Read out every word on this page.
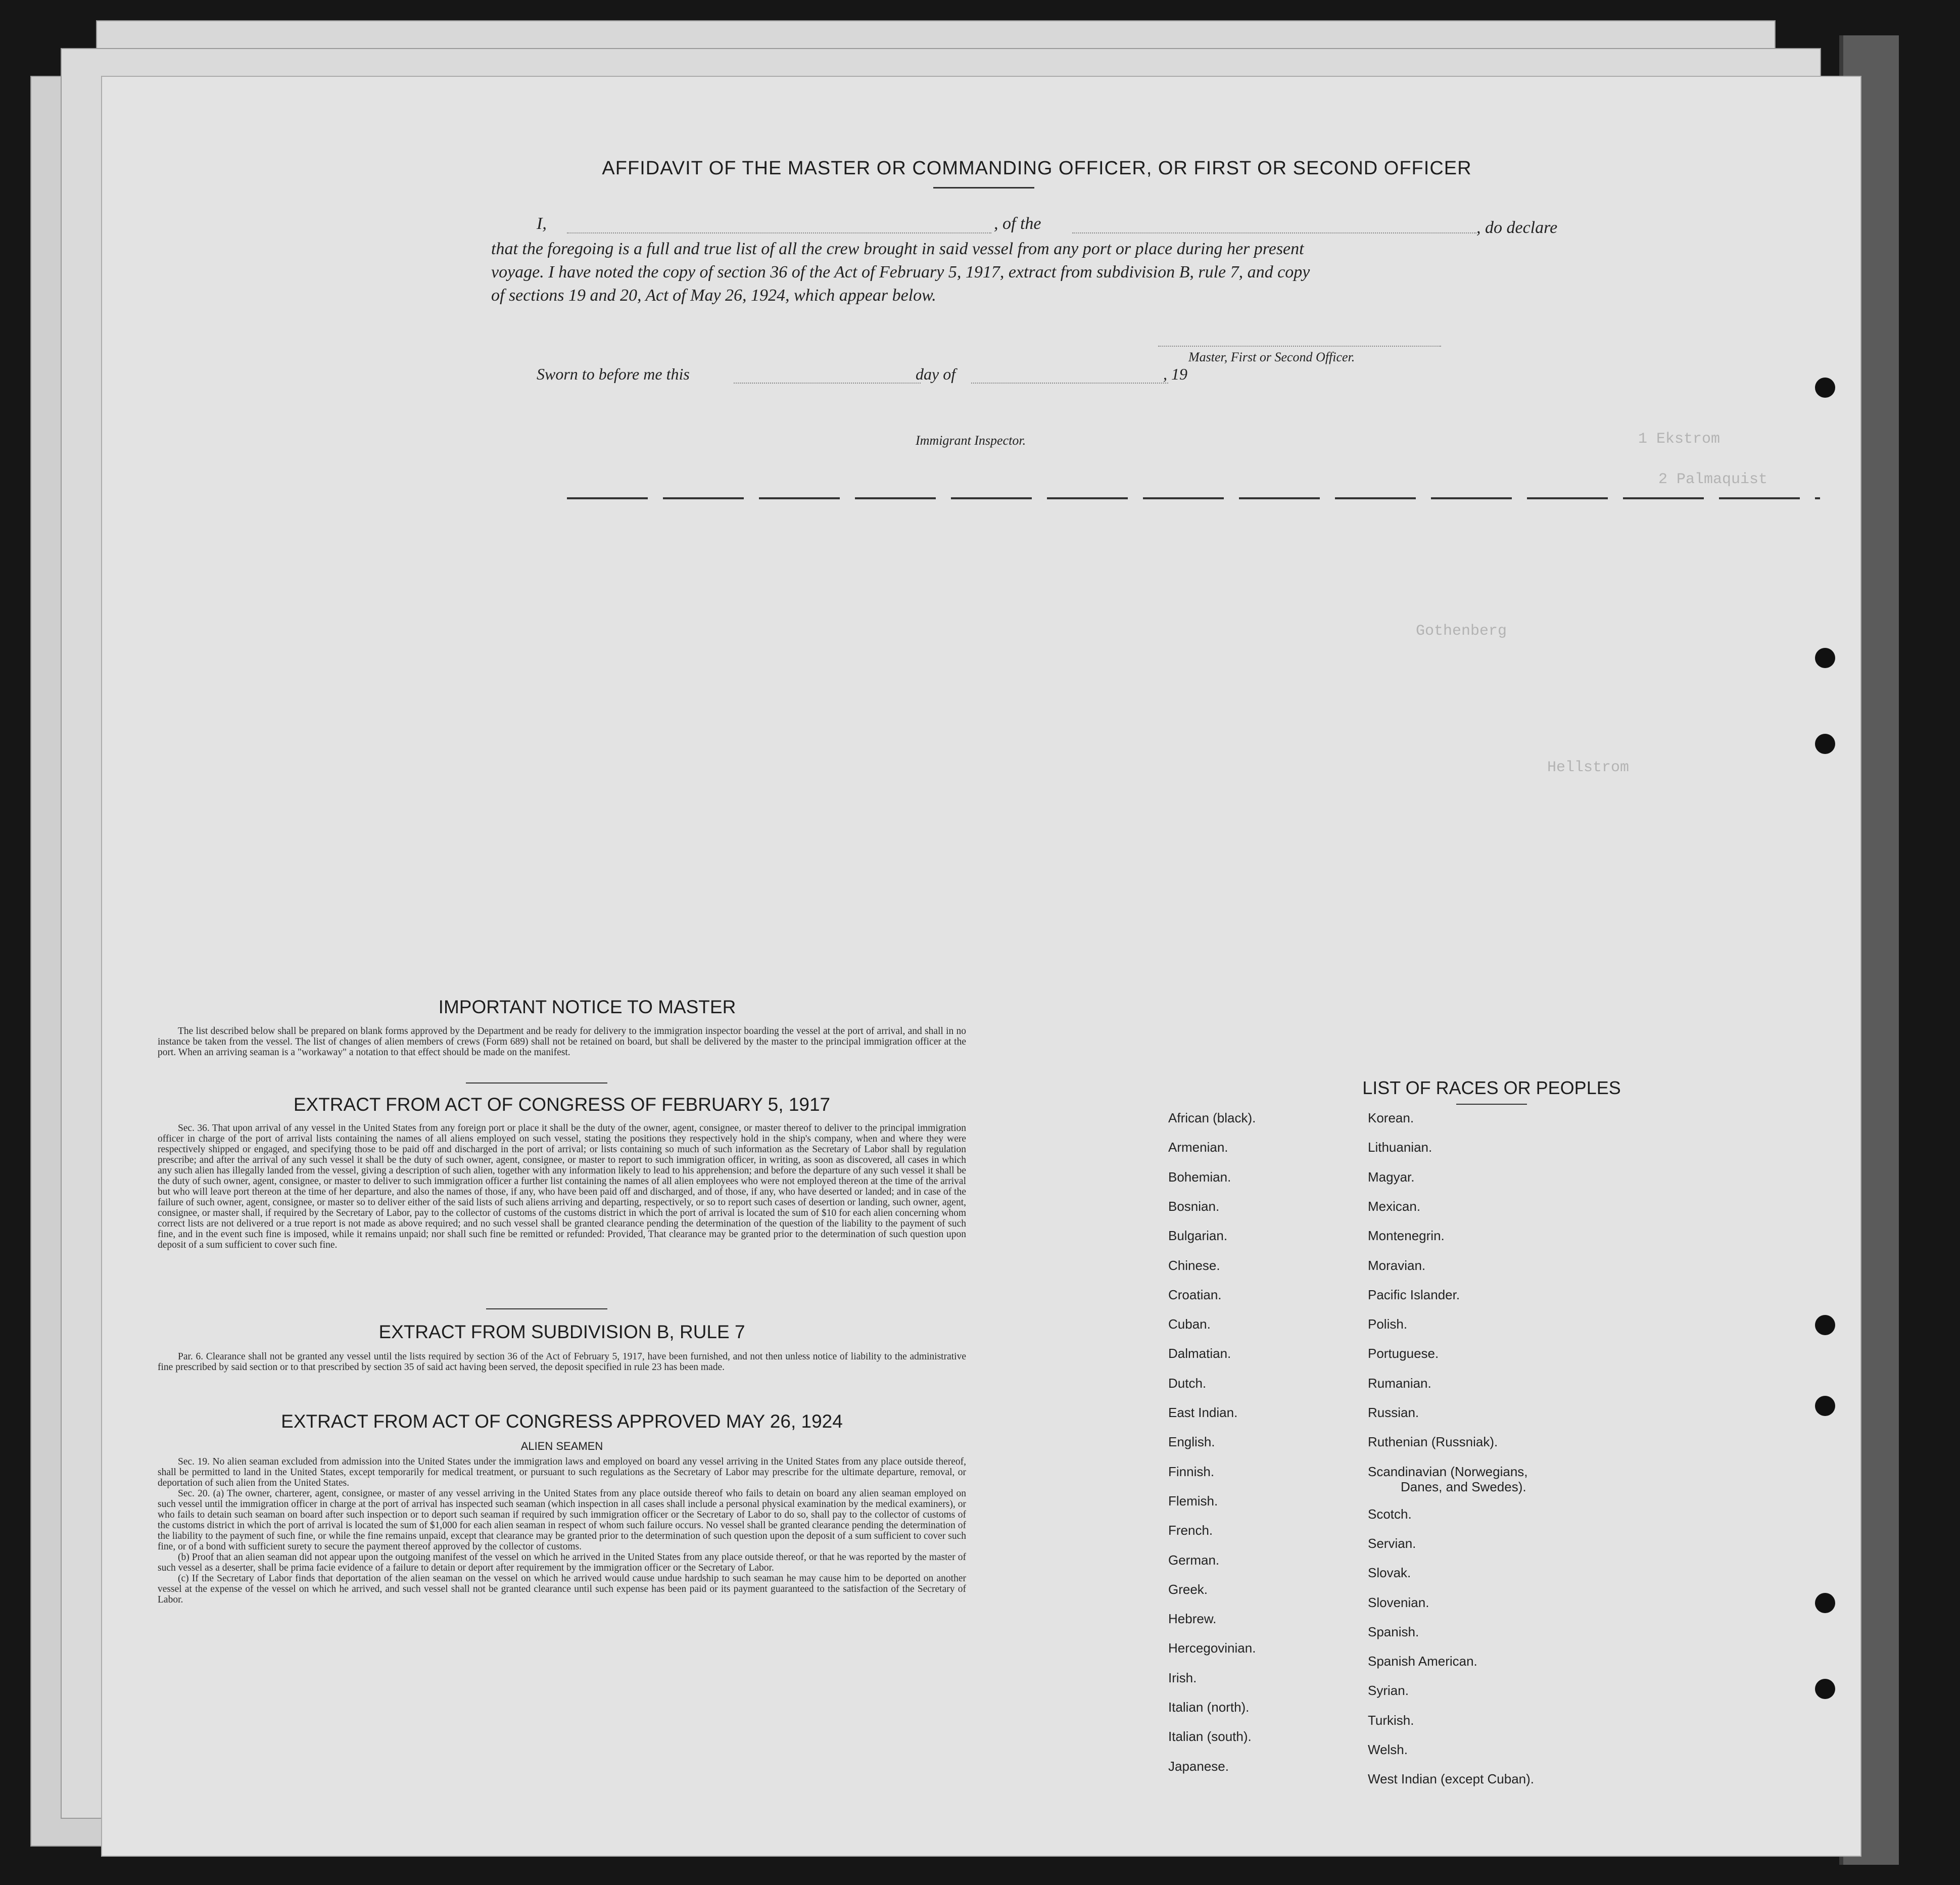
1 Ekstrom
2 Palmaquist
Gothenberg
Hellstrom
AFFIDAVIT OF THE MASTER OR COMMANDING OFFICER, OR FIRST OR SECOND OFFICER
I,	, of the	, do declare
that the foregoing is a full and true list of all the crew brought in said vessel from any port or place during her present
voyage. I have noted the copy of section 36 of the Act of February 5, 1917, extract from subdivision B, rule 7, and copy
of sections 19 and 20, Act of May 26, 1924, which appear below.
Master, First or Second Officer.
Sworn to before me this	day of	, 19
Immigrant Inspector.
IMPORTANT NOTICE TO MASTER

The list described below shall be prepared on blank forms approved by the Department and be ready for delivery to the immigration inspector boarding the vessel at the port of arrival, and shall in no instance be taken from the vessel. The list of changes of alien members of crews (Form 689) shall not be retained on board, but shall be delivered by the master to the principal immigration officer at the port. When an arriving seaman is a "workaway" a notation to that effect should be made on the manifest.

EXTRACT FROM ACT OF CONGRESS OF FEBRUARY 5, 1917

Sec. 36. That upon arrival of any vessel in the United States from any foreign port or place it shall be the duty of the owner, agent, consignee, or master thereof to deliver to the principal immigration officer in charge of the port of arrival lists containing the names of all aliens employed on such vessel, stating the positions they respectively hold in the ship's company, when and where they were respectively shipped or engaged, and specifying those to be paid off and discharged in the port of arrival; or lists containing so much of such information as the Secretary of Labor shall by regulation prescribe; and after the arrival of any such vessel it shall be the duty of such owner, agent, consignee, or master to report to such immigration officer, in writing, as soon as discovered, all cases in which any such alien has illegally landed from the vessel, giving a description of such alien, together with any information likely to lead to his apprehension; and before the departure of any such vessel it shall be the duty of such owner, agent, consignee, or master to deliver to such immigration officer a further list containing the names of all alien employees who were not employed thereon at the time of the arrival but who will leave port thereon at the time of her departure, and also the names of those, if any, who have been paid off and discharged, and of those, if any, who have deserted or landed; and in case of the failure of such owner, agent, consignee, or master so to deliver either of the said lists of such aliens arriving and departing, respectively, or so to report such cases of desertion or landing, such owner, agent, consignee, or master shall, if required by the Secretary of Labor, pay to the collector of customs of the customs district in which the port of arrival is located the sum of $10 for each alien concerning whom correct lists are not delivered or a true report is not made as above required; and no such vessel shall be granted clearance pending the determination of the question of the liability to the payment of such fine, and in the event such fine is imposed, while it remains unpaid; nor shall such fine be remitted or refunded: Provided, That clearance may be granted prior to the determination of such question upon deposit of a sum sufficient to cover such fine.

EXTRACT FROM SUBDIVISION B, RULE 7

Par. 6. Clearance shall not be granted any vessel until the lists required by section 36 of the Act of February 5, 1917, have been furnished, and not then unless notice of liability to the administrative fine prescribed by said section or to that prescribed by section 35 of said act having been served, the deposit specified in rule 23 has been made.

EXTRACT FROM ACT OF CONGRESS APPROVED MAY 26, 1924
ALIEN SEAMEN

Sec. 19. No alien seaman excluded from admission into the United States under the immigration laws and employed on board any vessel arriving in the United States from any place outside thereof, shall be permitted to land in the United States, except temporarily for medical treatment, or pursuant to such regulations as the Secretary of Labor may prescribe for the ultimate departure, removal, or deportation of such alien from the United States.

Sec. 20. (a) The owner, charterer, agent, consignee, or master of any vessel arriving in the United States from any place outside thereof who fails to detain on board any alien seaman employed on such vessel until the immigration officer in charge at the port of arrival has inspected such seaman (which inspection in all cases shall include a personal physical examination by the medical examiners), or who fails to detain such seaman on board after such inspection or to deport such seaman if required by such immigration officer or the Secretary of Labor to do so, shall pay to the collector of customs of the customs district in which the port of arrival is located the sum of $1,000 for each alien seaman in respect of whom such failure occurs. No vessel shall be granted clearance pending the determination of the liability to the payment of such fine, or while the fine remains unpaid, except that clearance may be granted prior to the determination of such question upon the deposit of a sum sufficient to cover such fine, or of a bond with sufficient surety to secure the payment thereof approved by the collector of customs.

(b) Proof that an alien seaman did not appear upon the outgoing manifest of the vessel on which he arrived in the United States from any place outside thereof, or that he was reported by the master of such vessel as a deserter, shall be prima facie evidence of a failure to detain or deport after requirement by the immigration officer or the Secretary of Labor.

(c) If the Secretary of Labor finds that deportation of the alien seaman on the vessel on which he arrived would cause undue hardship to such seaman he may cause him to be deported on another vessel at the expense of the vessel on which he arrived, and such vessel shall not be granted clearance until such expense has been paid or its payment guaranteed to the satisfaction of the Secretary of Labor.

LIST OF RACES OR PEOPLES
African (black).
Armenian.
Bohemian.
Bosnian.
Bulgarian.
Chinese.
Croatian.
Cuban.
Dalmatian.
Dutch.
East Indian.
English.
Finnish.
Flemish.
French.
German.
Greek.
Hebrew.
Hercegovinian.
Irish.
Italian (north).
Italian (south).
Japanese.
Korean.
Lithuanian.
Magyar.
Mexican.
Montenegrin.
Moravian.
Pacific Islander.
Polish.
Portuguese.
Rumanian.
Russian.
Ruthenian (Russniak).
Scandinavian (Norwegians,
Danes, and Swedes).
Scotch.
Servian.
Slovak.
Slovenian.
Spanish.
Spanish American.
Syrian.
Turkish.
Welsh.
West Indian (except Cuban).
